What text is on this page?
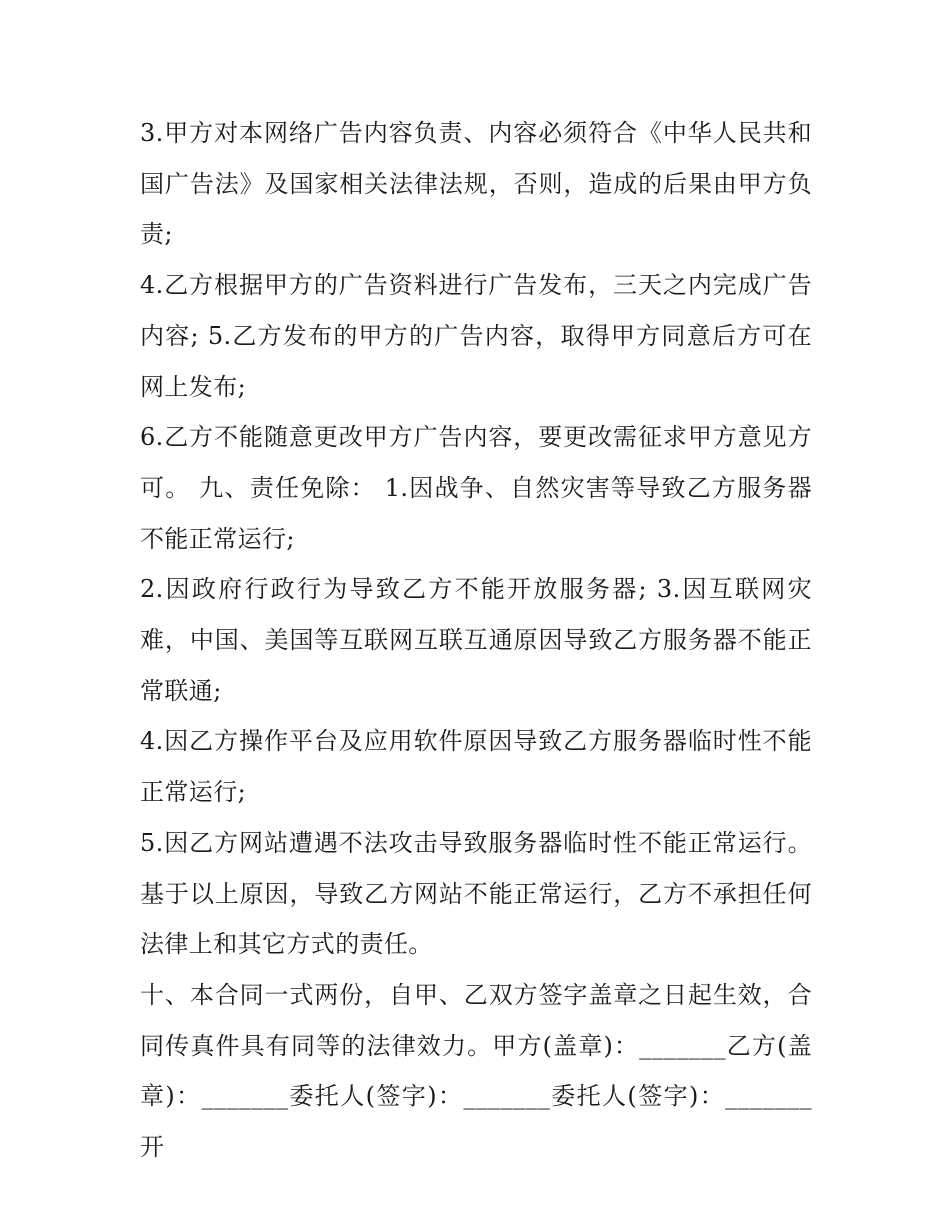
3.甲方对本网络广告内容负责、内容必须符合《中华人民共和国广告法》及国家相关法律法规，否则，造成的后果由甲方负责;

4.乙方根据甲方的广告资料进行广告发布，三天之内完成广告内容; 5.乙方发布的甲方的广告内容，取得甲方同意后方可在网上发布;

6.乙方不能随意更改甲方广告内容，要更改需征求甲方意见方可。 九、责任免除： 1.因战争、自然灾害等导致乙方服务器不能正常运行;

2.因政府行政行为导致乙方不能开放服务器; 3.因互联网灾难，中国、美国等互联网互联互通原因导致乙方服务器不能正常联通;

4.因乙方操作平台及应用软件原因导致乙方服务器临时性不能正常运行;

5.因乙方网站遭遇不法攻击导致服务器临时性不能正常运行。基于以上原因，导致乙方网站不能正常运行，乙方不承担任何法律上和其它方式的责任。

十、本合同一式两份，自甲、乙双方签字盖章之日起生效，合同传真件具有同等的法律效力。甲方(盖章)：_______乙方(盖章)：_______委托人(签字)：_______委托人(签字)：_______开
